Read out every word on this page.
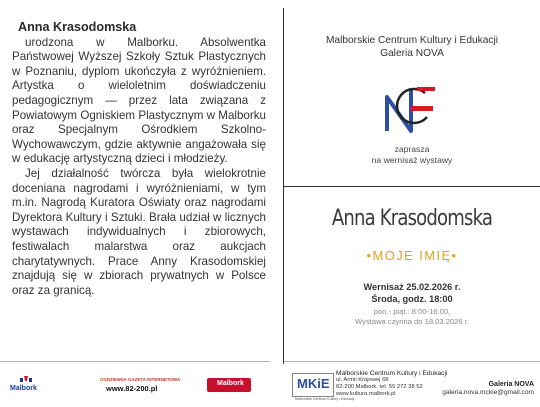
Anna Krasodomska

urodzona w Malborku. Absolwentka Państwowej Wyższej Szkoły Sztuk Plastycznych w Poznaniu, dyplom ukończyła z wyróżnieniem. Artystka o wieloletnim doświadczeniu pedagogicznym — przez lata związana z Powiatowym Ogniskiem Plastycznym w Malborku oraz Specjalnym Ośrodkiem Szkolno-Wychowawczym, gdzie aktywnie angażowała się w edukację artystyczną dzieci i młodzieży.

Jej działalność twórcza była wielokrotnie doceniana nagrodami i wyróżnieniami, w tym m.in. Nagrodą Kuratora Oświaty oraz nagrodami Dyrektora Kultury i Sztuki. Brała udział w licznych wystawach indywidualnych i zbiorowych, festiwalach malarstwa oraz aukcjach charytatywnych. Prace Anny Krasodomskiej znajdują się w zbiorach prywatnych w Polsce oraz za granicą.

Malborskie Centrum Kultury i Edukacji
Galeria NOVA
zaprasza
na wernisaż wystawy
Anna Krasodomska
•MOJE IMIĘ•
Wernisaż 25.02.2026 r.
Środa, godz. 18:00
pon.- piąt.: 8:00-16:00,
Wystawa czynna do 18.03.2026 r.
Malbork
CODZIENNA GAZETA INTERNETOWA
www.82-200.pl
Malbork	MKiE
Malborskie Centrum Kultury i Edukacji
Malborskie Centrum Kultury i Edukacji
ul. Armii Krajowej 68
82-200 Malbork, tel. 55 272 38 52
www.kultura.malbork.pl
Galeria NOVA
galeria.nova.mckie@gmail.com
